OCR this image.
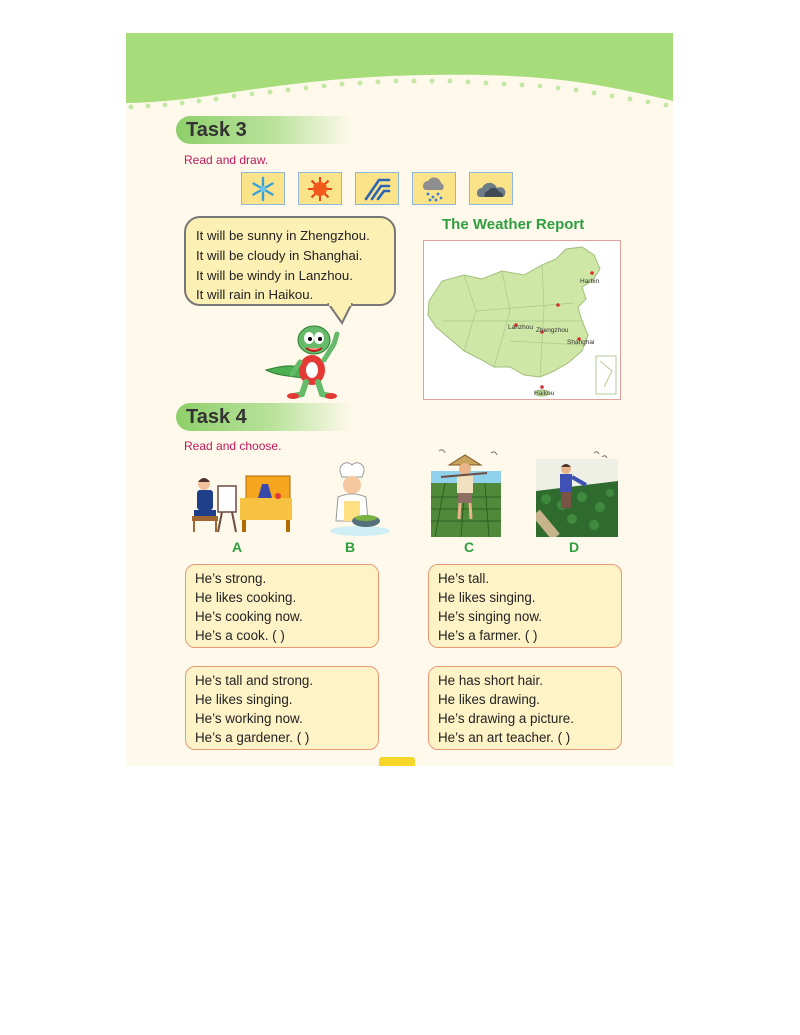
Task 3
Read and draw.

It will be sunny in Zhengzhou.

It will be cloudy in Shanghai.

It will be windy in Lanzhou.

It will rain in Haikou.

The Weather Report
Harbin
Lanzhou Zhengzhou
Shanghai
Haikou
Task 4
Read and choose.
A	B	C	D

He’s strong.

He likes cooking.

He’s cooking now.

He’s a cook. ( )

He’s tall.

He likes singing.

He’s singing now.

He’s a farmer. ( )

He’s tall and strong.

He likes singing.

He’s working now.

He’s a gardener. ( )

He has short hair.

He likes drawing.

He’s drawing a picture.

He’s an art teacher. ( )
